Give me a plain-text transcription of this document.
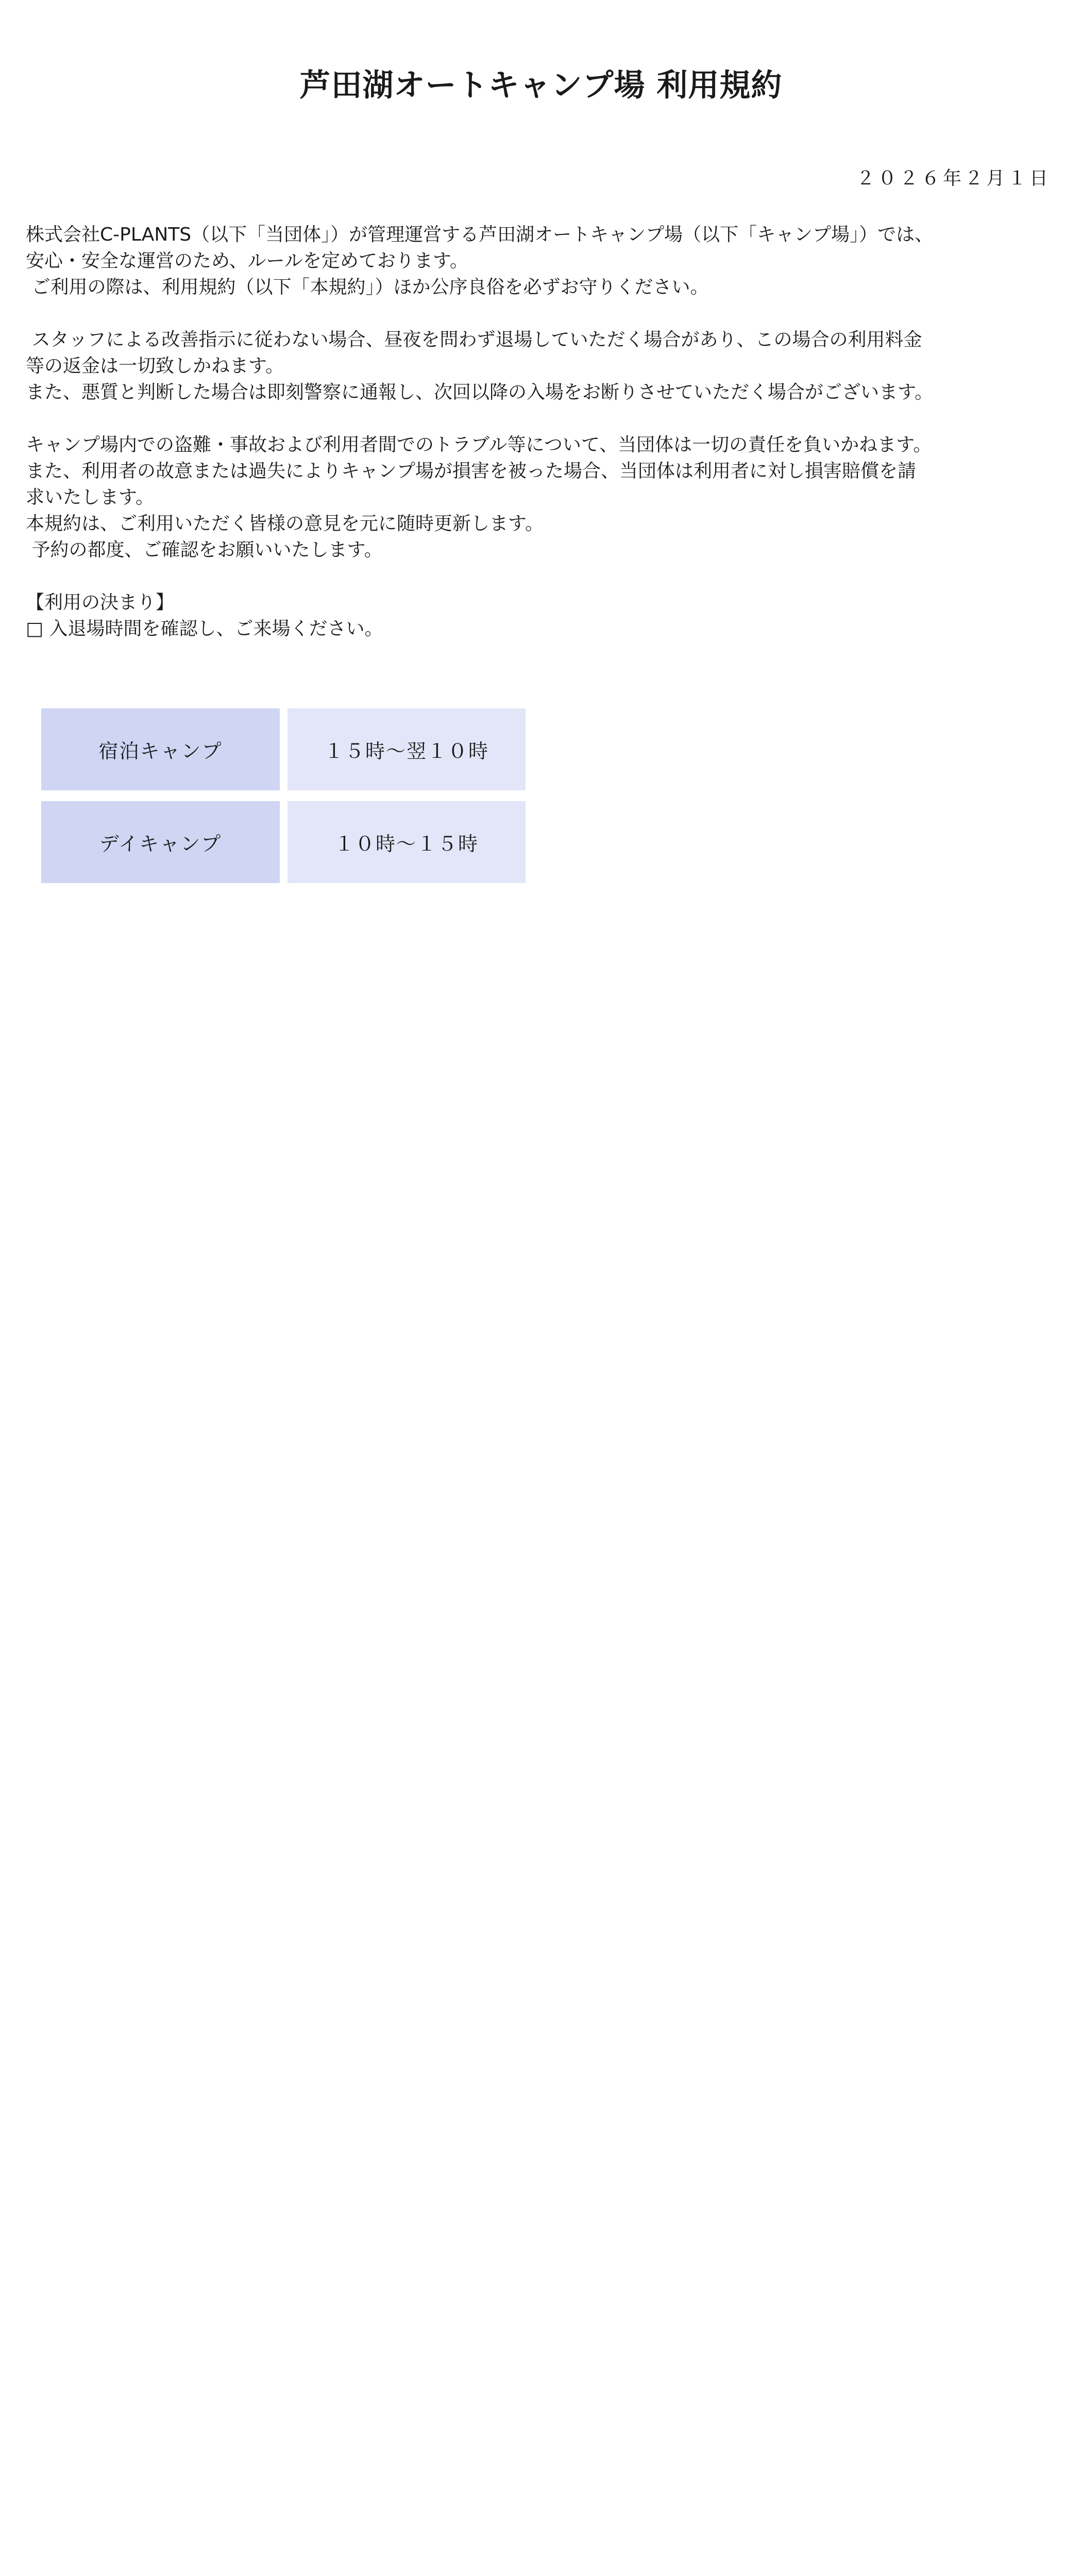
芦田湖オートキャンプ場 利用規約
２０２６年２月１日
株式会社C-PLANTS（以下「当団体」）が管理運営する芦田湖オートキャンプ場（以下「キャンプ場」）では、
安心・安全な運営のため、ルールを定めております。
ご利用の際は、利用規約（以下「本規約」）ほか公序良俗を必ずお守りください。

スタッフによる改善指示に従わない場合、昼夜を問わず退場していただく場合があり、この場合の利用料金
等の返金は一切致しかねます。
また、悪質と判断した場合は即刻警察に通報し、次回以降の入場をお断りさせていただく場合がございます。

キャンプ場内での盗難・事故および利用者間でのトラブル等について、当団体は一切の責任を負いかねます。
また、利用者の故意または過失によりキャンプ場が損害を被った場合、当団体は利用者に対し損害賠償を請
求いたします。
本規約は、ご利用いただく皆様の意見を元に随時更新します。
予約の都度、ご確認をお願いいたします。

【利用の決まり】
□ 入退場時間を確認し、ご来場ください。
宿泊キャンプ	１５時〜翌１０時
デイキャンプ	１０時〜１５時
